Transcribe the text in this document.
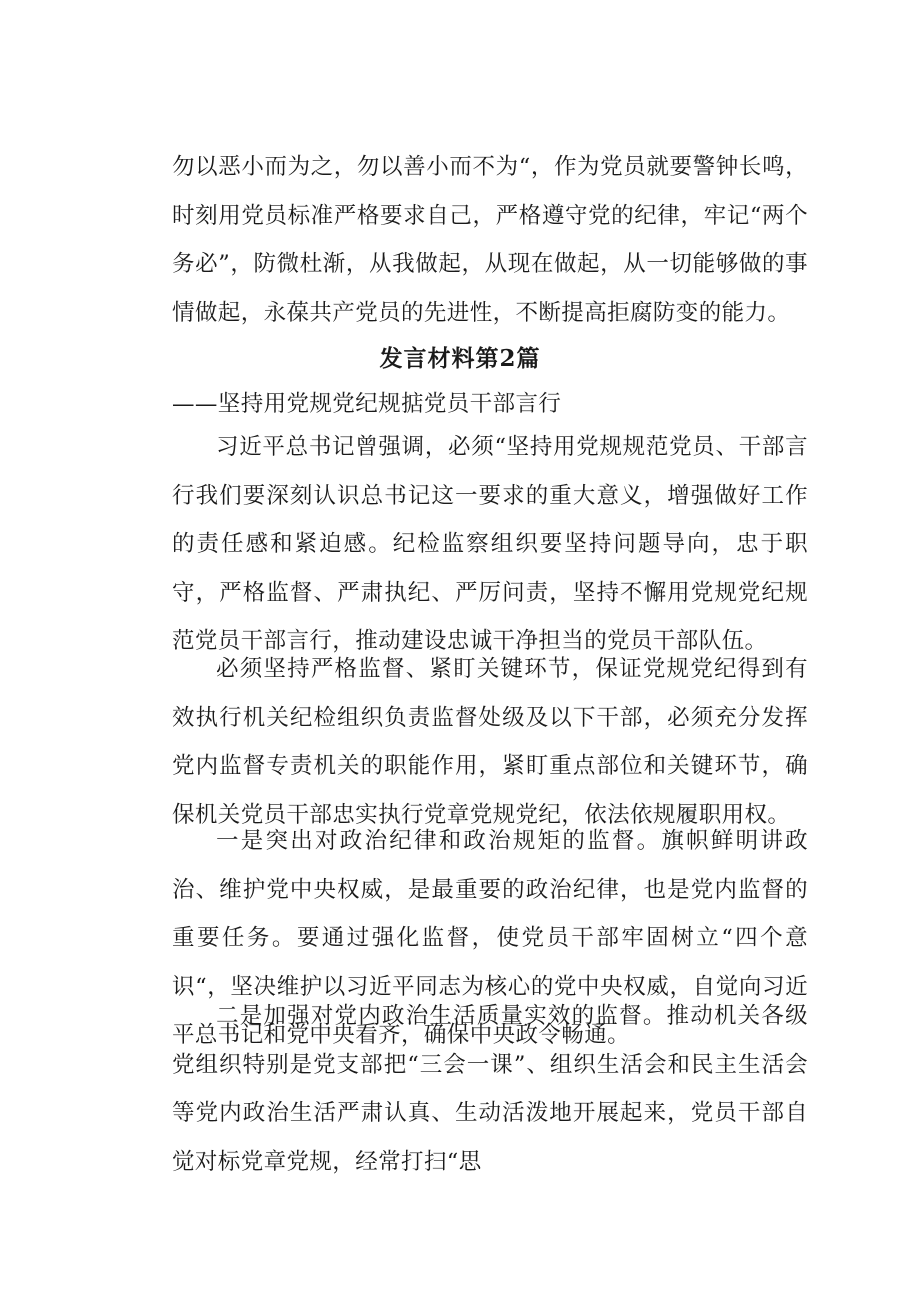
勿以恶小而为之，勿以善小而不为“，作为党员就要警钟长鸣，时刻用党员标准严格要求自己，严格遵守党的纪律，牢记“两个务必”，防微杜渐，从我做起，从现在做起，从一切能够做的事情做起，永葆共产党员的先进性，不断提高拒腐防变的能力。

发言材料第2篇

——坚持用党规党纪规掂党员干部言行

习近平总书记曾强调，必须“坚持用党规规范党员、干部言行我们要深刻认识总书记这一要求的重大意义，增强做好工作的责任感和紧迫感。纪检监察组织要坚持问题导向，忠于职守，严格监督、严肃执纪、严厉问责，坚持不懈用党规党纪规范党员干部言行，推动建设忠诚干净担当的党员干部队伍。

必须坚持严格监督、紧盯关键环节，保证党规党纪得到有效执行机关纪检组织负责监督处级及以下干部，必须充分发挥党内监督专责机关的职能作用，紧盯重点部位和关键环节，确保机关党员干部忠实执行党章党规党纪，依法依规履职用权。

一是突出对政治纪律和政治规矩的监督。旗帜鲜明讲政治、维护党中央权威，是最重要的政治纪律，也是党内监督的重要任务。要通过强化监督，使党员干部牢固树立“四个意识“，坚决维护以习近平同志为核心的党中央权威，自觉向习近平总书记和党中央看齐，确保中央政令畅通。

二是加强对党内政治生活质量实效的监督。推动机关各级党组织特别是党支部把“三会一课”、组织生活会和民主生活会等党内政治生活严肃认真、生动活泼地开展起来，党员干部自觉对标党章党规，经常打扫“思
